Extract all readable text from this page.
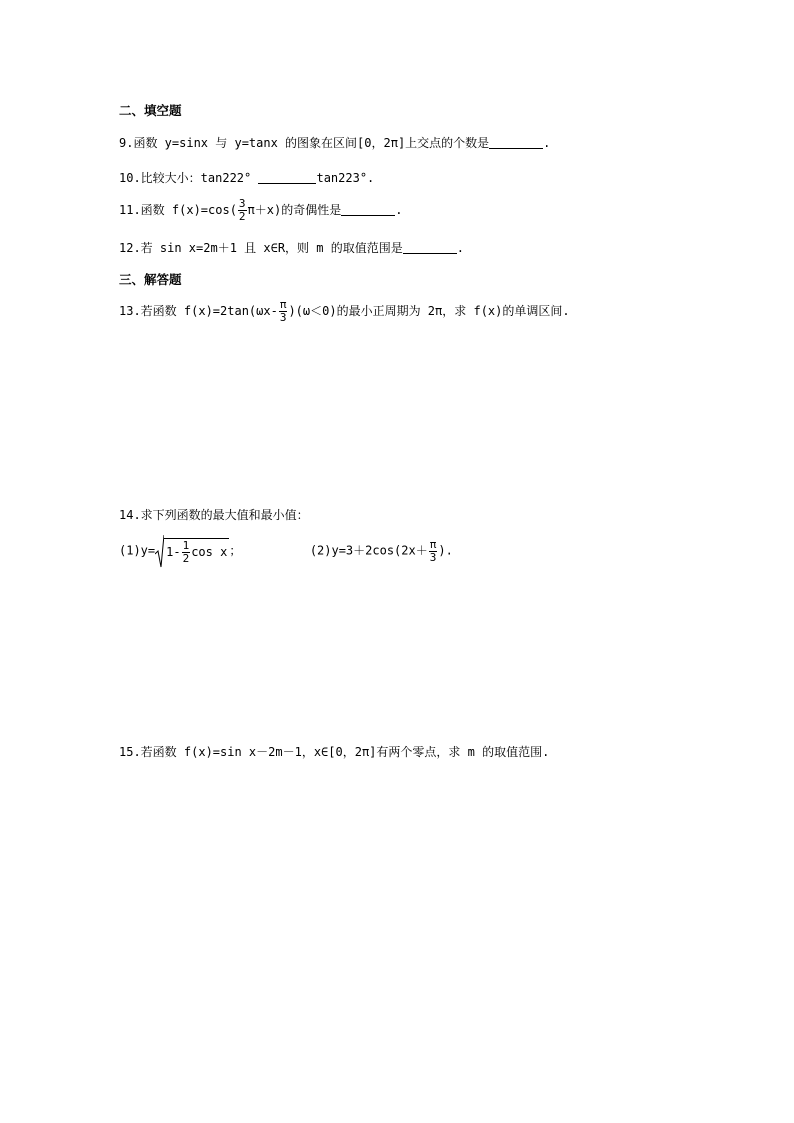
二、填空题
9.函数 y=sinx 与 y=tanx 的图象在区间[0，2π]上交点的个数是	.
10.比较大小：tan222°	tan223°.
11.函数 $f(x)=\cos( \frac{3}{2} \pi+x)$的奇偶性是	.
12.若 sin x=2m＋1 且 x∈R，则 m 的取值范围是	.
三、解答题
13.若函数 $f(x)=2\tan(\omega x- \frac{\pi}{3} )(\omega<0)$的最小正周期为 2π，求 f(x)的单调区间.
14.求下列函数的最大值和最小值：
$(1)y= 1- \frac{1}{2}$ cos x ；	$(2)y=3+2\cos(2x+ \frac{\pi}{3}$ ).
15.若函数 f(x)=sin x－2m－1，x∈[0，2π]有两个零点，求 m 的取值范围.
